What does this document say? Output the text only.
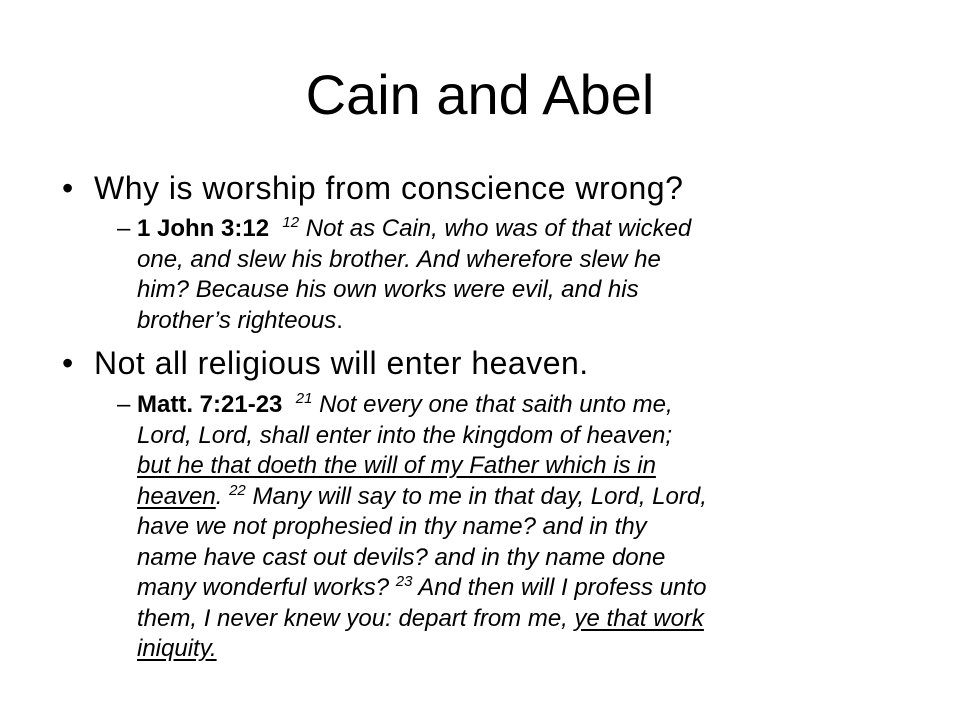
Cain and Abel
• Why is worship from conscience wrong?
– 1 John 3:12 $^{12}$ Not as Cain, who was of that wicked
one, and slew his brother. And wherefore slew he
him? Because his own works were evil, and his
brother’s righteous.
• Not all religious will enter heaven.
– Matt. 7:21-23 $^{21}$ Not every one that saith unto me,
Lord, Lord, shall enter into the kingdom of heaven;
but he that doeth the will of my Father which is in
heaven. $^{22}$ Many will say to me in that day, Lord, Lord,
have we not prophesied in thy name? and in thy
name have cast out devils? and in thy name done
many wonderful works? $^{23}$ And then will I profess unto
them, I never knew you: depart from me, ye that work
iniquity.
